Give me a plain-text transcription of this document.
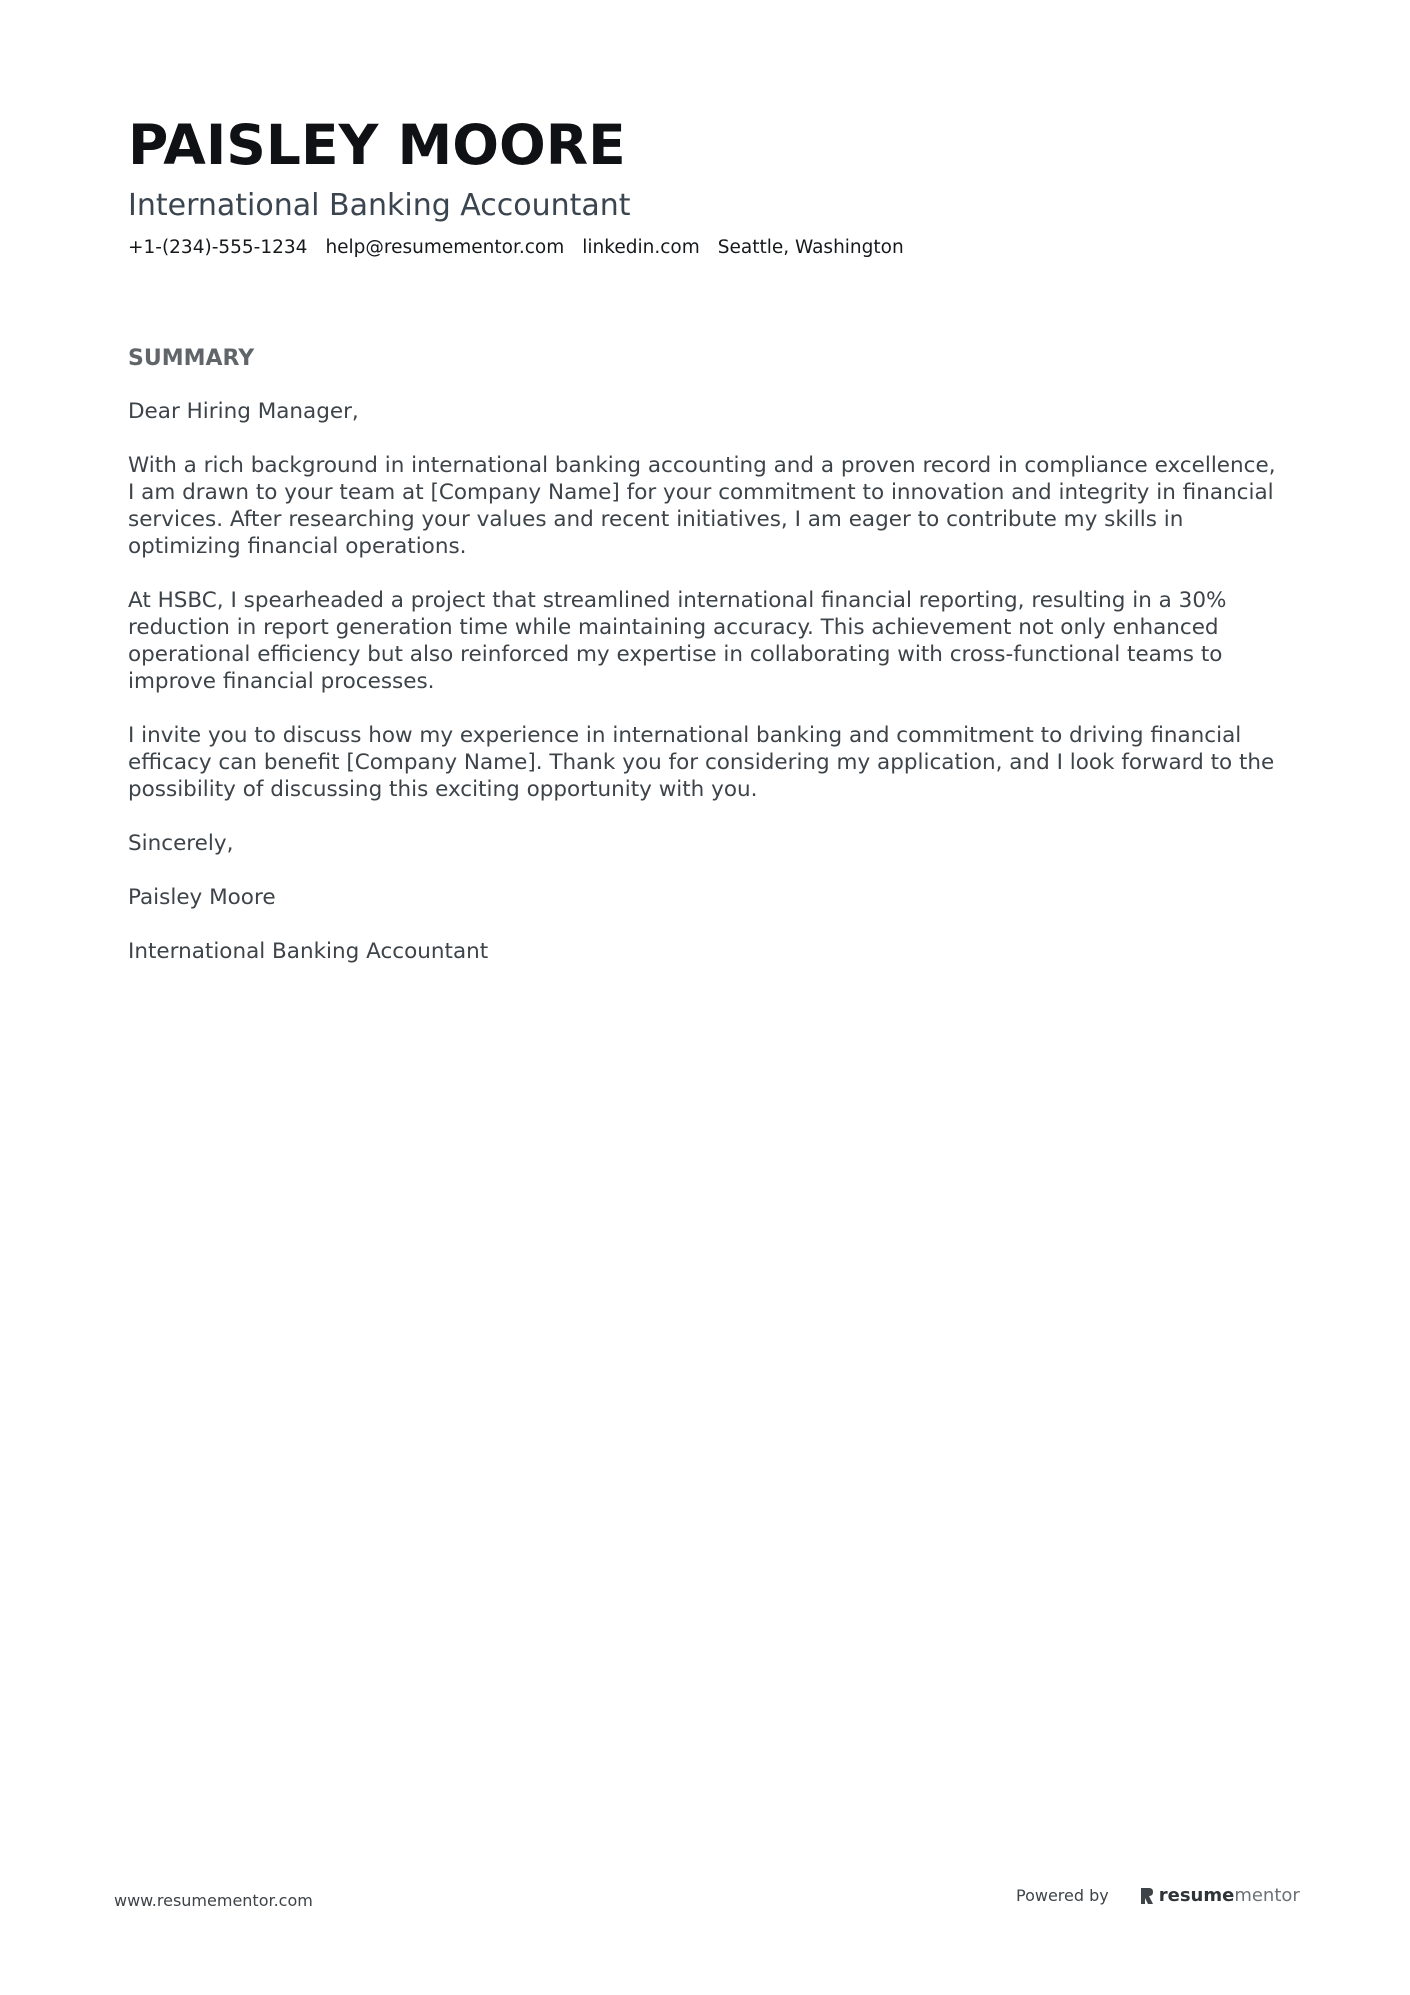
PAISLEY MOORE
International Banking Accountant
+1-(234)-555-1234 help@resumementor.com linkedin.com Seattle, Washington
SUMMARY

Dear Hiring Manager,

With a rich background in international banking accounting and a proven record in compliance excellence, I am drawn to your team at [Company Name] for your commitment to innovation and integrity in financial services. After researching your values and recent initiatives, I am eager to contribute my skills in optimizing financial operations.

At HSBC, I spearheaded a project that streamlined international financial reporting, resulting in a 30% reduction in report generation time while maintaining accuracy. This achievement not only enhanced operational efficiency but also reinforced my expertise in collaborating with cross-functional teams to improve financial processes.

I invite you to discuss how my experience in international banking and commitment to driving financial efficacy can benefit [Company Name]. Thank you for considering my application, and I look forward to the possibility of discussing this exciting opportunity with you.

Sincerely,

Paisley Moore

International Banking Accountant

www.resumementor.com	Powered by	resume mentor
